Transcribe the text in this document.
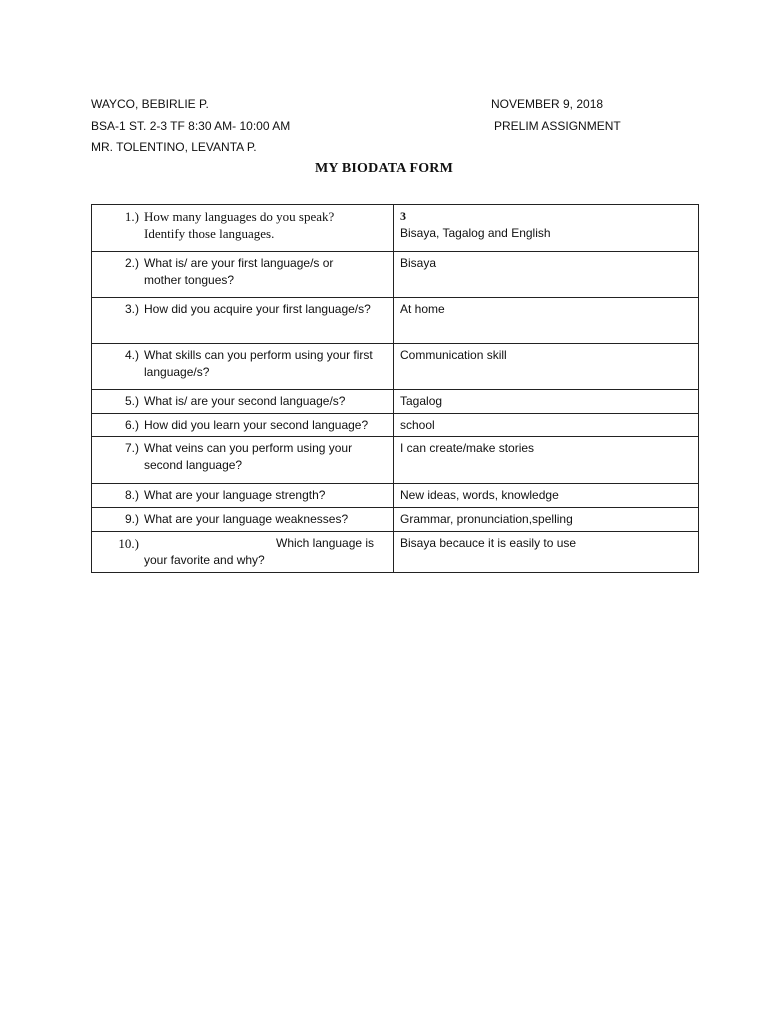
WAYCO, BEBIRLIE P.	NOVEMBER 9, 2018
BSA-1 ST. 2-3 TF 8:30 AM- 10:00 AM	PRELIM ASSIGNMENT
MR. TOLENTINO, LEVANTA P.
MY BIODATA FORM
1.) How many languages do you speak?
Identify those languages.	3
Bisaya, Tagalog and English

2.) What is/ are your first language/s or
mother tongues?	Bisaya

3.) How did you acquire your first language/s?	At home

4.) What skills can you perform using your first
language/s?	Communication skill

5.) What is/ are your second language/s?	Tagalog

6.) How did you learn your second language?	school

7.) What veins can you perform using your
second language?	I can create/make stories

8.) What are your language strength?	New ideas, words, knowledge

9.) What are your language weaknesses?	Grammar, pronunciation,spelling

10.) Which language is
your favorite and why?	Bisaya becauce it is easily to use
